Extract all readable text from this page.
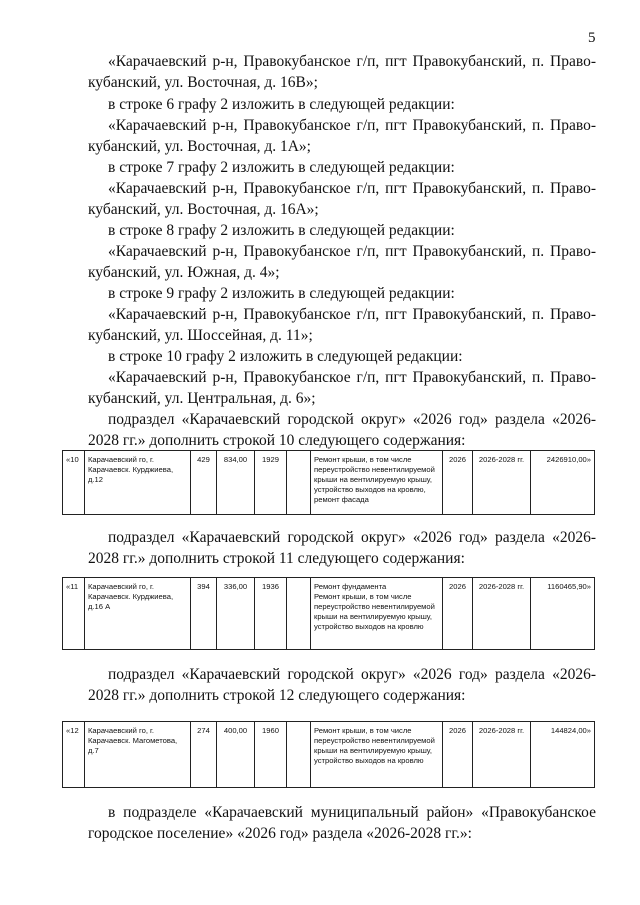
5
«Карачаевский р-н, Правокубанское г/п, пгт Правокубанский, п. Право-
кубанский, ул. Восточная, д. 16В»;
в строке 6 графу 2 изложить в следующей редакции:
«Карачаевский р-н, Правокубанское г/п, пгт Правокубанский, п. Право-
кубанский, ул. Восточная, д. 1А»;
в строке 7 графу 2 изложить в следующей редакции:
«Карачаевский р-н, Правокубанское г/п, пгт Правокубанский, п. Право-
кубанский, ул. Восточная, д. 16А»;
в строке 8 графу 2 изложить в следующей редакции:
«Карачаевский р-н, Правокубанское г/п, пгт Правокубанский, п. Право-
кубанский, ул. Южная, д. 4»;
в строке 9 графу 2 изложить в следующей редакции:
«Карачаевский р-н, Правокубанское г/п, пгт Правокубанский, п. Право-
кубанский, ул. Шоссейная, д. 11»;
в строке 10 графу 2 изложить в следующей редакции:
«Карачаевский р-н, Правокубанское г/п, пгт Правокубанский, п. Право-
кубанский, ул. Центральная, д. 6»;
подраздел «Карачаевский городской округ» «2026 год» раздела «2026-
2028 гг.» дополнить строкой 10 следующего содержания:
«10	Карачаевский го, г. Карачаевск. Курджиева, д.12	429	834,00	1929		Ремонт крыши, в том числе переустройство невентилируемой крыши на вентилируемую крышу, устройство выходов на кровлю, ремонт фасада	2026	2026-2028 гг.	2426910,00»
подраздел «Карачаевский городской округ» «2026 год» раздела «2026-
2028 гг.» дополнить строкой 11 следующего содержания:
«11	Карачаевский го, г. Карачаевск. Курджиева, д.16 А	394	336,00	1936		Ремонт фундамента
Ремонт крыши, в том числе переустройство невентилируемой крыши на вентилируемую крышу, устройство выходов на кровлю
	2026	2026-2028 гг.	1160465,90»
подраздел «Карачаевский городской округ» «2026 год» раздела «2026-
2028 гг.» дополнить строкой 12 следующего содержания:
«12	Карачаевский го, г. Карачаевск. Магометова, д.7	274	400,00	1960		Ремонт крыши, в том числе переустройство невентилируемой крыши на вентилируемую крышу, устройство выходов на кровлю	2026	2026-2028 гг.	144824,00»
в подразделе «Карачаевский муниципальный район» «Правокубанское
городское поселение» «2026 год» раздела «2026-2028 гг.»:
